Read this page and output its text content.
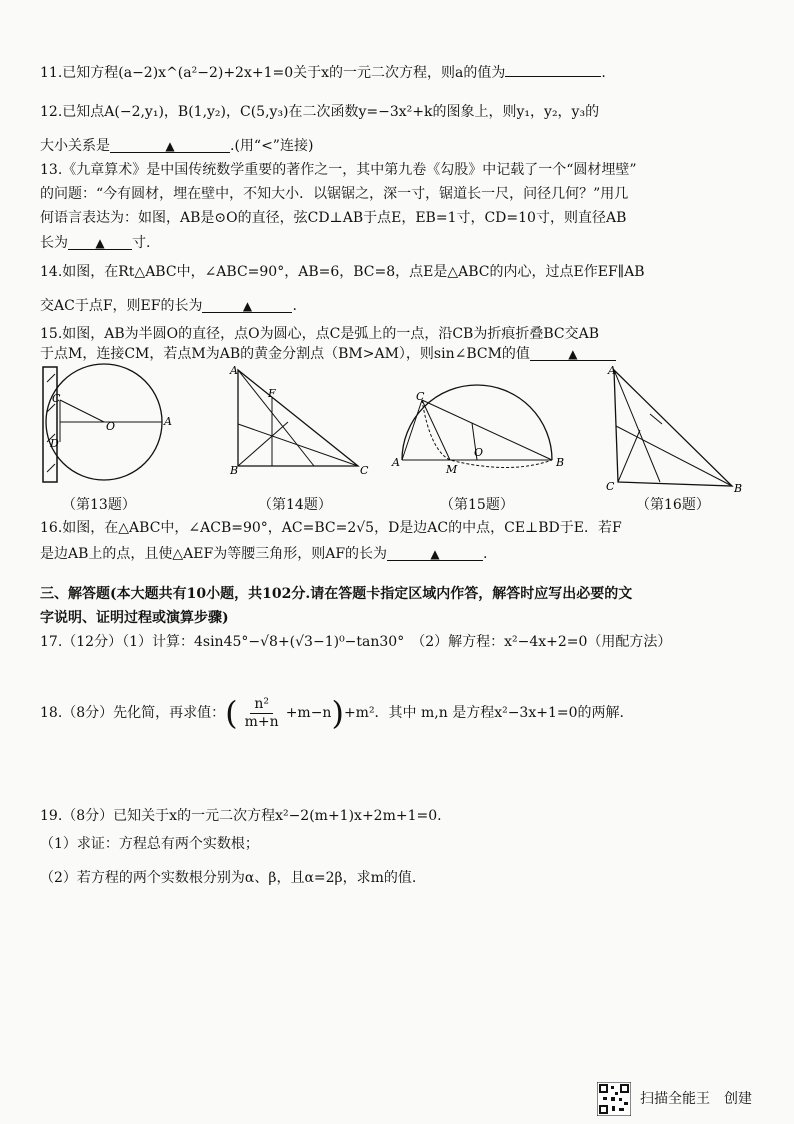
11.已知方程(a−2)x^(a²−2)+2x+1=0关于x的一元二次方程，则a的值为	.
12.已知点A(−2,y₁)，B(1,y₂)，C(5,y₃)在二次函数y=−3x²+k的图象上，则y₁，y₂，y₃的
大小关系是	▲	.(用“<”连接)
13.《九章算术》是中国传统数学重要的著作之一，其中第九卷《勾股》中记载了一个“圆材埋壁”
的问题：“今有圆材，埋在壁中，不知大小．以锯锯之，深一寸，锯道长一尺，问径几何？”用几
何语言表达为：如图，AB是⊙O的直径，弦CD⊥AB于点E，EB=1寸，CD=10寸，则直径AB
长为 ▲ 寸.
14.如图，在Rt△ABC中，∠ABC=90°，AB=6，BC=8，点E是△ABC的内心，过点E作EF∥AB
交AC于点F，则EF的长为	▲	.
15.如图，AB为半圆O的直径，点O为圆心，点C是弧上的一点，沿CB为折痕折叠BC交AB
于点M，连接CM，若点M为AB的黄金分割点（BM>AM），则sin∠BCM的值	▲
C
D
O	A
A
F
B	C
C
A
M
O
B
A
C	B
（第13题）	（第14题）	（第15题）	（第16题）
16.如图，在△ABC中，∠ACB=90°，AC=BC=2√5，D是边AC的中点，CE⊥BD于E．若F
是边AB上的点，且使△AEF为等腰三角形，则AF的长为	▲	.
三、解答题(本大题共有10小题，共102分.请在答题卡指定区域内作答，解答时应写出必要的文
字说明、证明过程或演算步骤)
17.（12分）（1）计算：4sin45°−√8+(√3−1)⁰−tan30°　（2）解方程：x²−4x+2=0（用配方法）
18.（8分）先化简，再求值： ( $\frac{\text{n²}}{m+n} +m-n$ ) +m²．其中 m,n 是方程x²−3x+1=0的两解.
19.（8分）已知关于x的一元二次方程x²−2(m+1)x+2m+1=0.
（1）求证：方程总有两个实数根；
（2）若方程的两个实数根分别为α、β，且α=2β，求m的值.
扫描全能王　创建
